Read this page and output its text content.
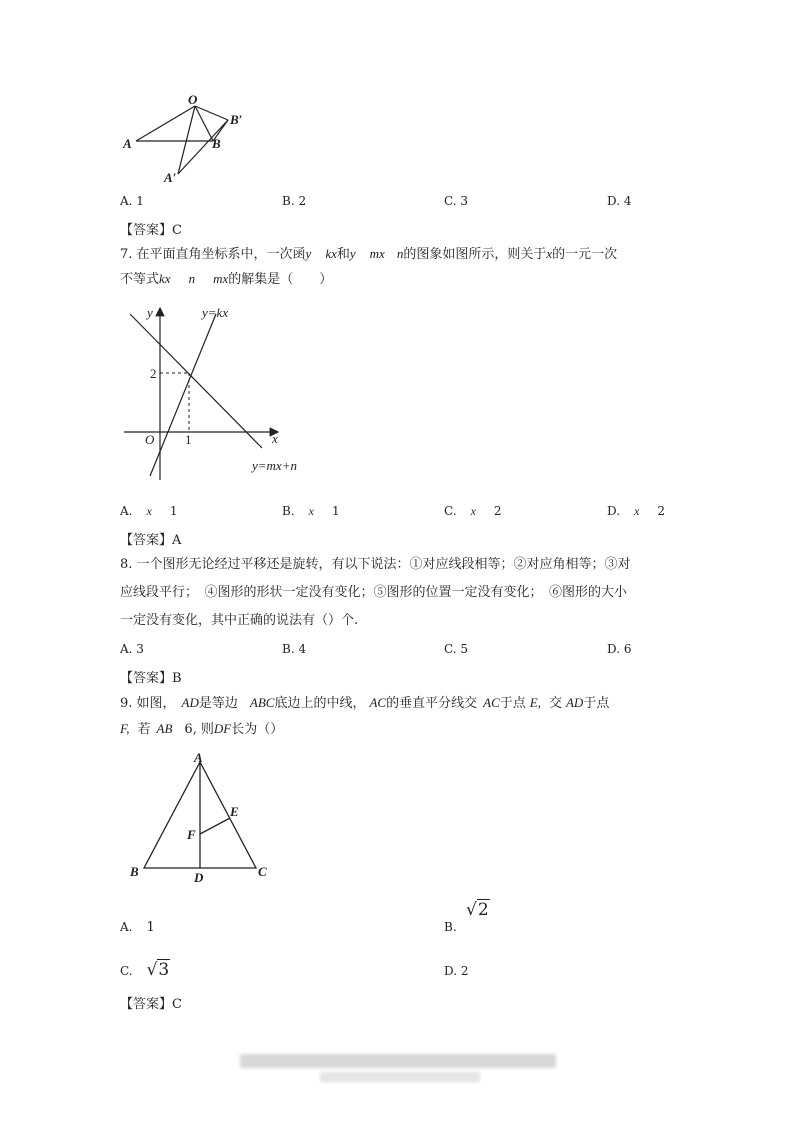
O
B′
A	B
A′
A. 1	B. 2	C. 3	D. 4
【答案】C
7. 在平面直角坐标系中，一次函y kx和y mx n的图象如图所示，则关于x的一元一次
不等式kx n mx的解集是（　　）
y
x
O 1
2
y=kx
y=mx+n
A. x 1	B. x 1	C. x 2	D. x 2
【答案】A
8. 一个图形无论经过平移还是旋转，有以下说法：①对应线段相等；②对应角相等；③对
应线段平行；　④图形的形状一定没有变化；⑤图形的位置一定没有变化；　⑥图形的大小
一定没有变化，其中正确的说法有（）个.
A. 3	B. 4	C. 5	D. 6
【答案】B
9. 如图， AD是等边 ABC底边上的中线， AC的垂直平分线交 AC于点 E, 交 AD于点
F, 若 AB 6, 则DF长为（）
A
B	C
D
E
F
A. 1	B.
√2
C. √3	D. 2
【答案】C
